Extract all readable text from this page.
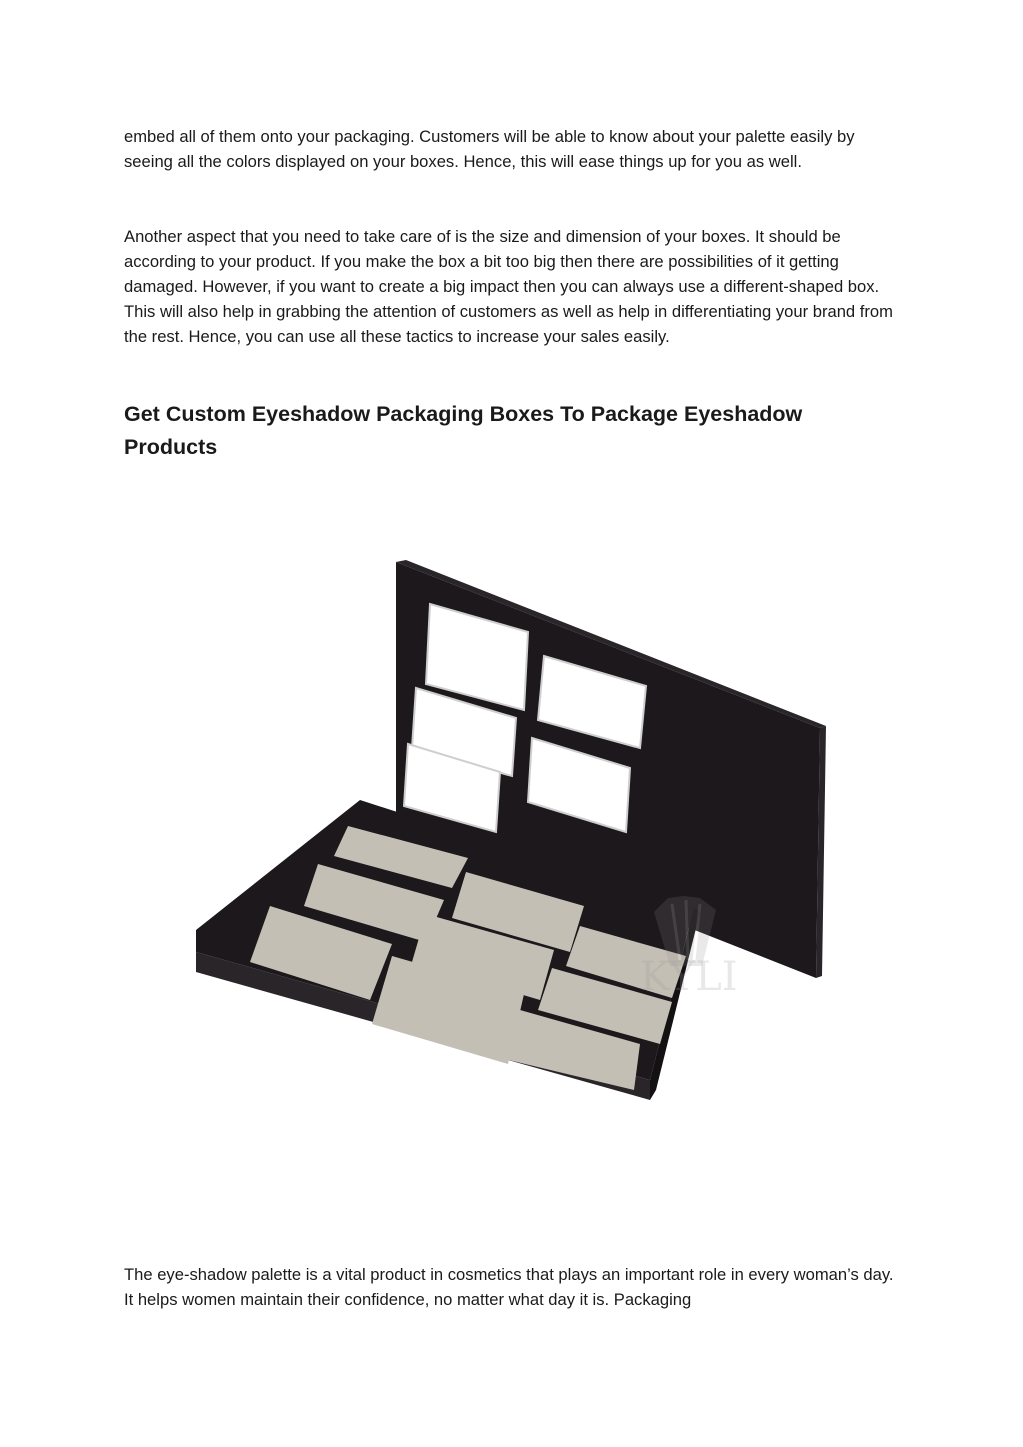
embed all of them onto your packaging. Customers will be able to know about your palette easily by seeing all the colors displayed on your boxes. Hence, this will ease things up for you as well.

Another aspect that you need to take care of is the size and dimension of your boxes. It should be according to your product. If you make the box a bit too big then there are possibilities of it getting damaged. However, if you want to create a big impact then you can always use a different-shaped box. This will also help in grabbing the attention of customers as well as help in differentiating your brand from the rest. Hence, you can use all these tactics to increase your sales easily.

Get Custom Eyeshadow Packaging Boxes To Package Eyeshadow Products
KYLI

The eye-shadow palette is a vital product in cosmetics that plays an important role in every woman’s day. It helps women maintain their confidence, no matter what day it is. Packaging
